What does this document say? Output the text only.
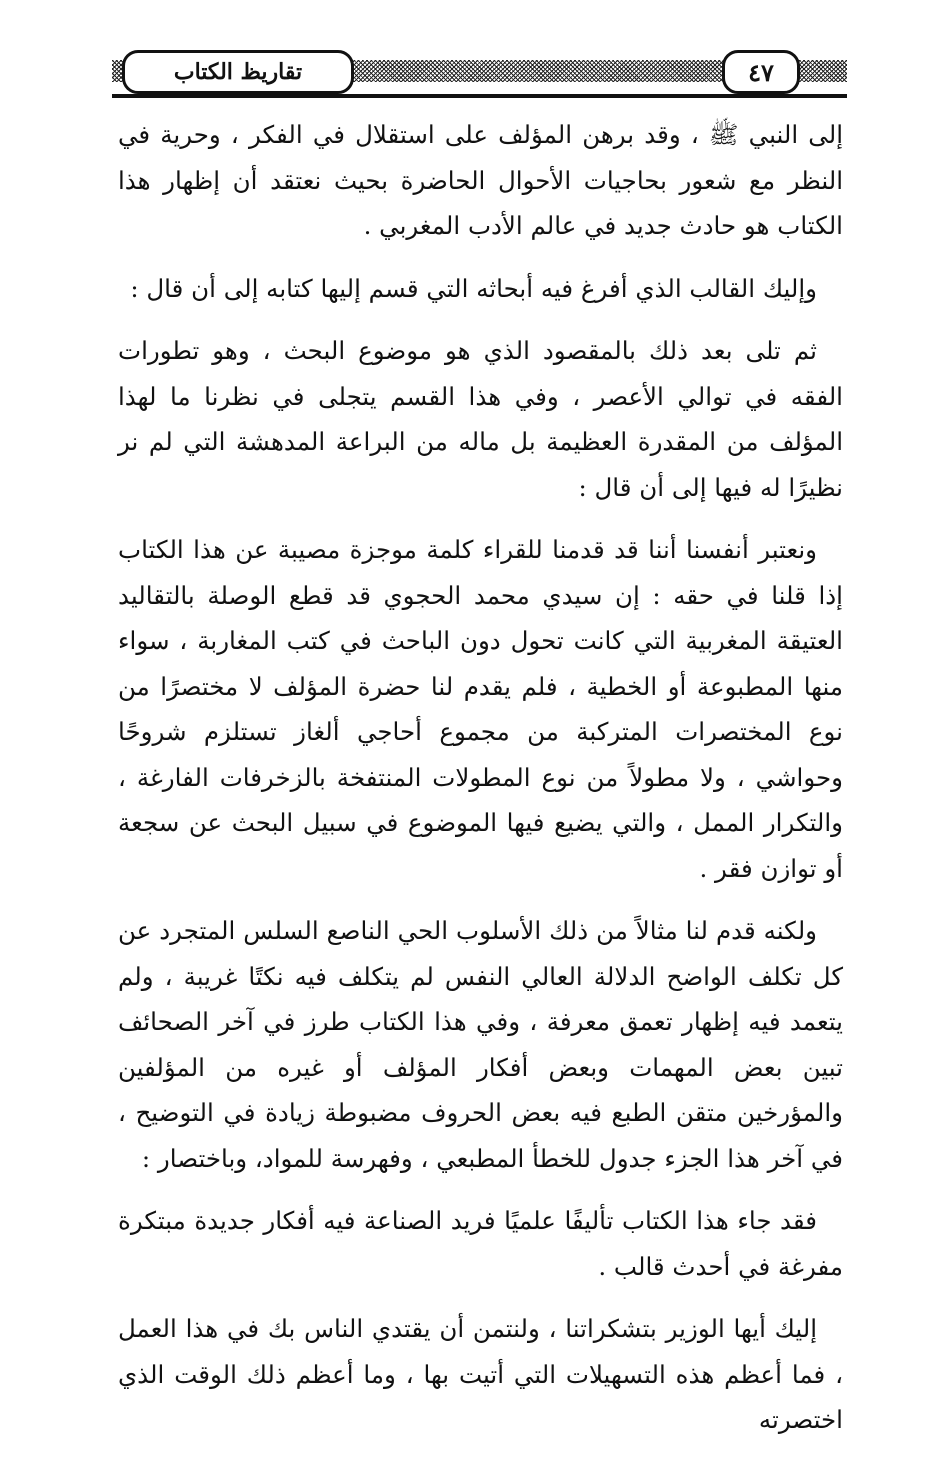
تقاريظ الكتاب	٤٧

إلى النبي ﷺ ، وقد برهن المؤلف على استقلال في الفكر ، وحرية في النظر مع شعور بحاجيات الأحوال الحاضرة بحيث نعتقد أن إظهار هذا الكتاب هو حادث جديد في عالم الأدب المغربي .

وإليك القالب الذي أفرغ فيه أبحاثه التي قسم إليها كتابه إلى أن قال :

ثم تلى بعد ذلك بالمقصود الذي هو موضوع البحث ، وهو تطورات الفقه في توالي الأعصر ، وفي هذا القسم يتجلى في نظرنا ما لهذا المؤلف من المقدرة العظيمة بل ماله من البراعة المدهشة التي لم نر نظيرًا له فيها إلى أن قال :

ونعتبر أنفسنا أننا قد قدمنا للقراء كلمة موجزة مصيبة عن هذا الكتاب إذا قلنا في حقه : إن سيدي محمد الحجوي قد قطع الوصلة بالتقاليد العتيقة المغربية التي كانت تحول دون الباحث في كتب المغاربة ، سواء منها المطبوعة أو الخطية ، فلم يقدم لنا حضرة المؤلف لا مختصرًا من نوع المختصرات المتركبة من مجموع أحاجي ألغاز تستلزم شروحًا وحواشي ، ولا مطولاً من نوع المطولات المنتفخة بالزخرفات الفارغة ، والتكرار الممل ، والتي يضيع فيها الموضوع في سبيل البحث عن سجعة أو توازن فقر .

ولكنه قدم لنا مثالاً من ذلك الأسلوب الحي الناصع السلس المتجرد عن كل تكلف الواضح الدلالة العالي النفس لم يتكلف فيه نكتًا غريبة ، ولم يتعمد فيه إظهار تعمق معرفة ، وفي هذا الكتاب طرز في آخر الصحائف تبين بعض المهمات وبعض أفكار المؤلف أو غيره من المؤلفين والمؤرخين متقن الطبع فيه بعض الحروف مضبوطة زيادة في التوضيح ، في آخر هذا الجزء جدول للخطأ المطبعي ، وفهرسة للمواد، وباختصار :

فقد جاء هذا الكتاب تأليفًا علميًا فريد الصناعة فيه أفكار جديدة مبتكرة مفرغة في أحدث قالب .

إليك أيها الوزير بتشكراتنا ، ولنتمن أن يقتدي الناس بك في هذا العمل ، فما أعظم هذه التسهيلات التي أتيت بها ، وما أعظم ذلك الوقت الذي اختصرته
